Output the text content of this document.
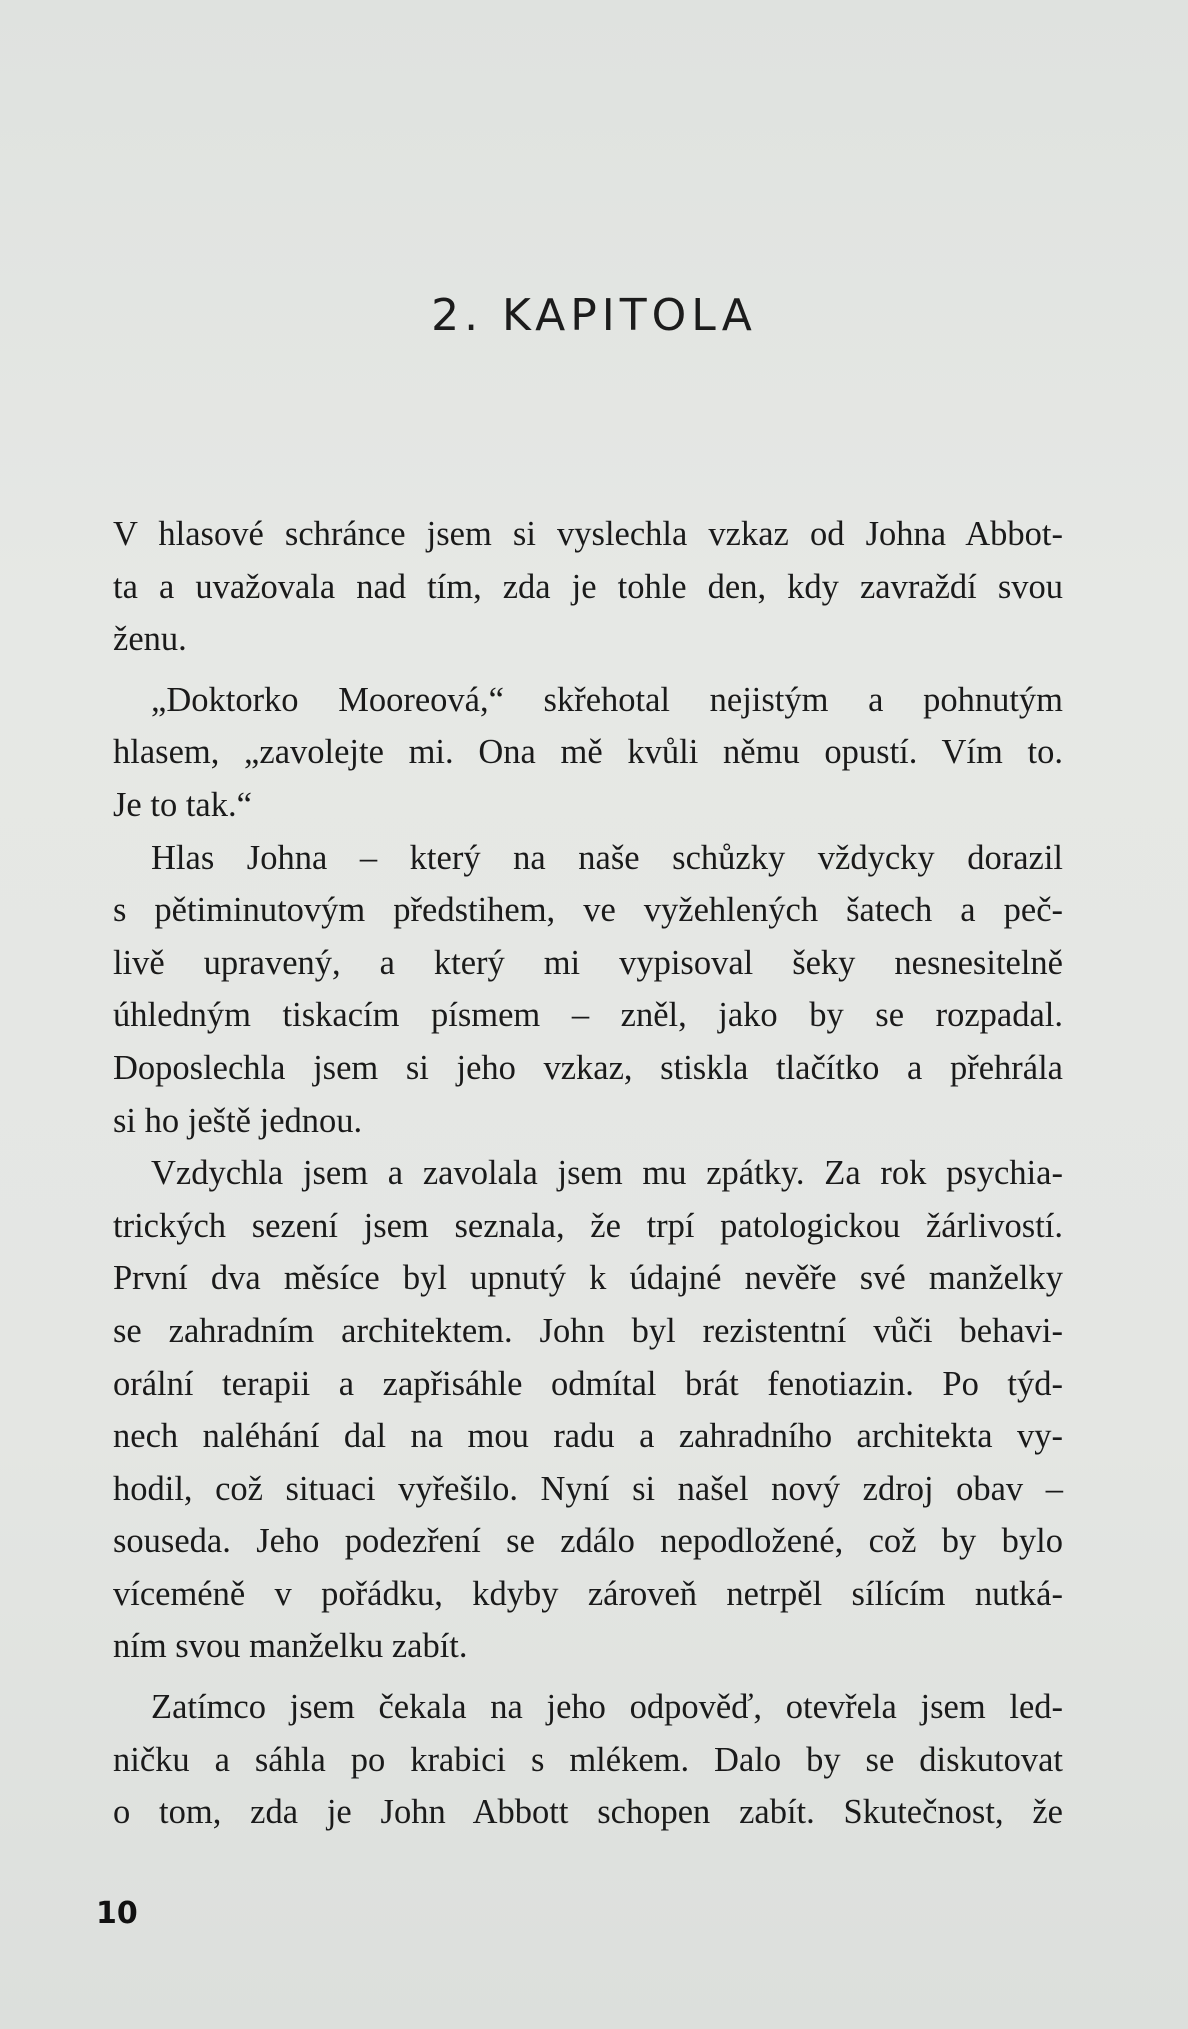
2. KAPITOLA
V hlasové schránce jsem si vyslechla vzkaz od Johna Abbot-
ta a uvažovala nad tím, zda je tohle den, kdy zavraždí svou
ženu.
„Doktorko Mooreová,“ skřehotal nejistým a pohnutým
hlasem, „zavolejte mi. Ona mě kvůli němu opustí. Vím to.
Je to tak.“
Hlas Johna – který na naše schůzky vždycky dorazil
s pětiminutovým předstihem, ve vyžehlených šatech a peč-
livě upravený, a který mi vypisoval šeky nesnesitelně
úhledným tiskacím písmem – zněl, jako by se rozpadal.
Doposlechla jsem si jeho vzkaz, stiskla tlačítko a přehrála
si ho ještě jednou.
Vzdychla jsem a zavolala jsem mu zpátky. Za rok psychia-
trických sezení jsem seznala, že trpí patologickou žárlivostí.
První dva měsíce byl upnutý k údajné nevěře své manželky
se zahradním architektem. John byl rezistentní vůči behavi-
orální terapii a zapřisáhle odmítal brát fenotiazin. Po týd-
nech naléhání dal na mou radu a zahradního architekta vy-
hodil, což situaci vyřešilo. Nyní si našel nový zdroj obav –
souseda. Jeho podezření se zdálo nepodložené, což by bylo
víceméně v pořádku, kdyby zároveň netrpěl sílícím nutká-
ním svou manželku zabít.
Zatímco jsem čekala na jeho odpověď, otevřela jsem led-
ničku a sáhla po krabici s mlékem. Dalo by se diskutovat
o tom, zda je John Abbott schopen zabít. Skutečnost, že
10
